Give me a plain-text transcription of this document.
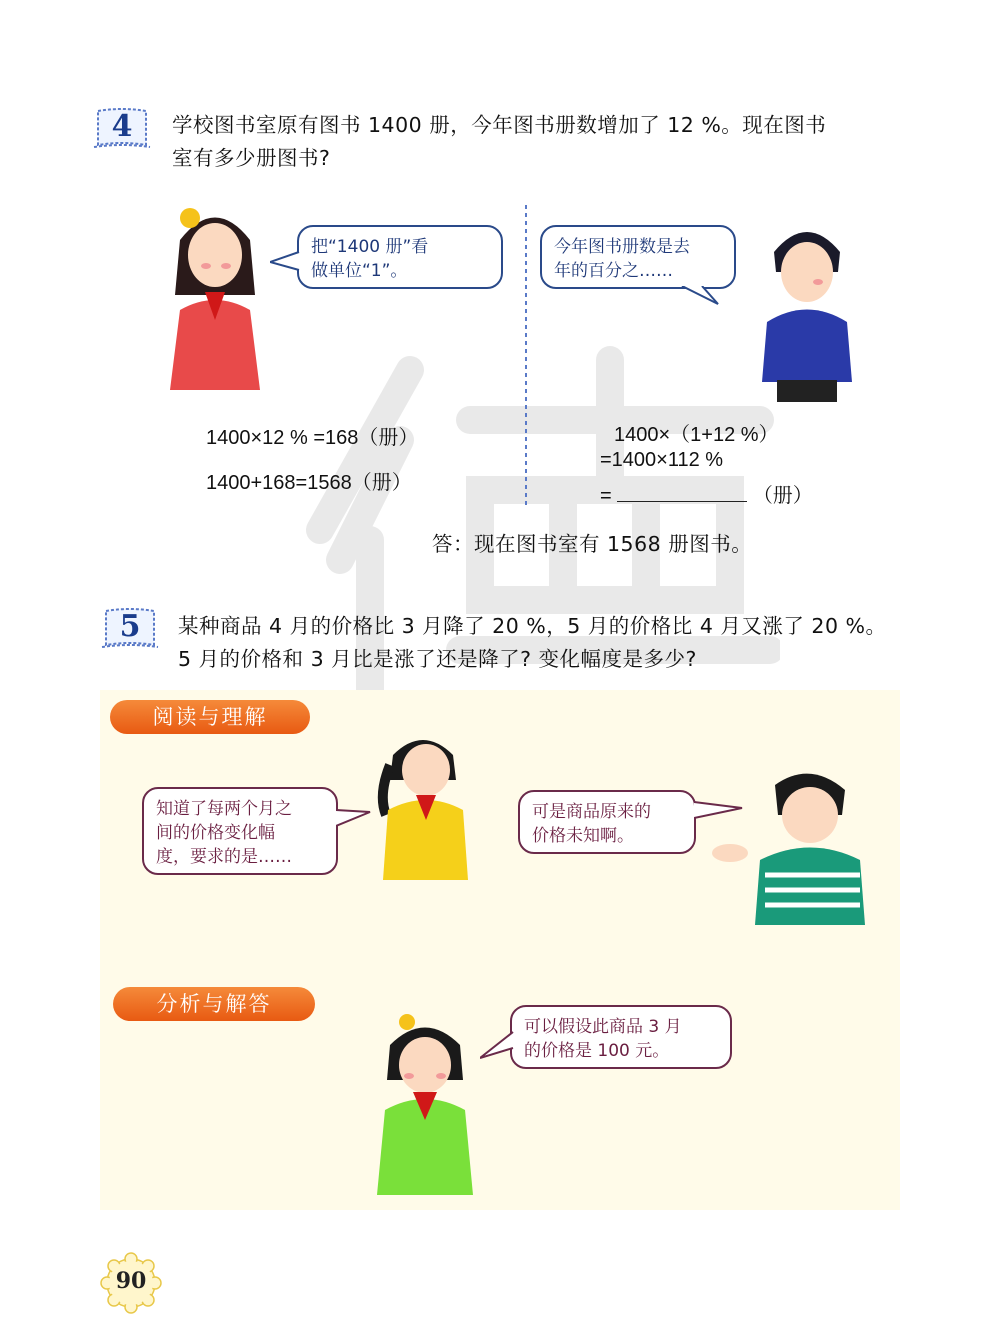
4	学校图书室原有图书 1400 册，今年图书册数增加了 12 %。现在图书
室有多少册图书?
把“1400 册”看
做单位“1”。
今年图书册数是去
年的百分之……
1400×12 % =168（册）
1400+168=1568（册）
1400×（1+12 %）
=1400×112 %
=	（册）
答：现在图书室有 1568 册图书。
5	某种商品 4 月的价格比 3 月降了 20 %，5 月的价格比 4 月又涨了 20 %。
5 月的价格和 3 月比是涨了还是降了? 变化幅度是多少?
阅读与理解
知道了每两个月之
间的价格变化幅
度，要求的是……
可是商品原来的
价格未知啊。
分析与解答
可以假设此商品 3 月
的价格是 100 元。
90
